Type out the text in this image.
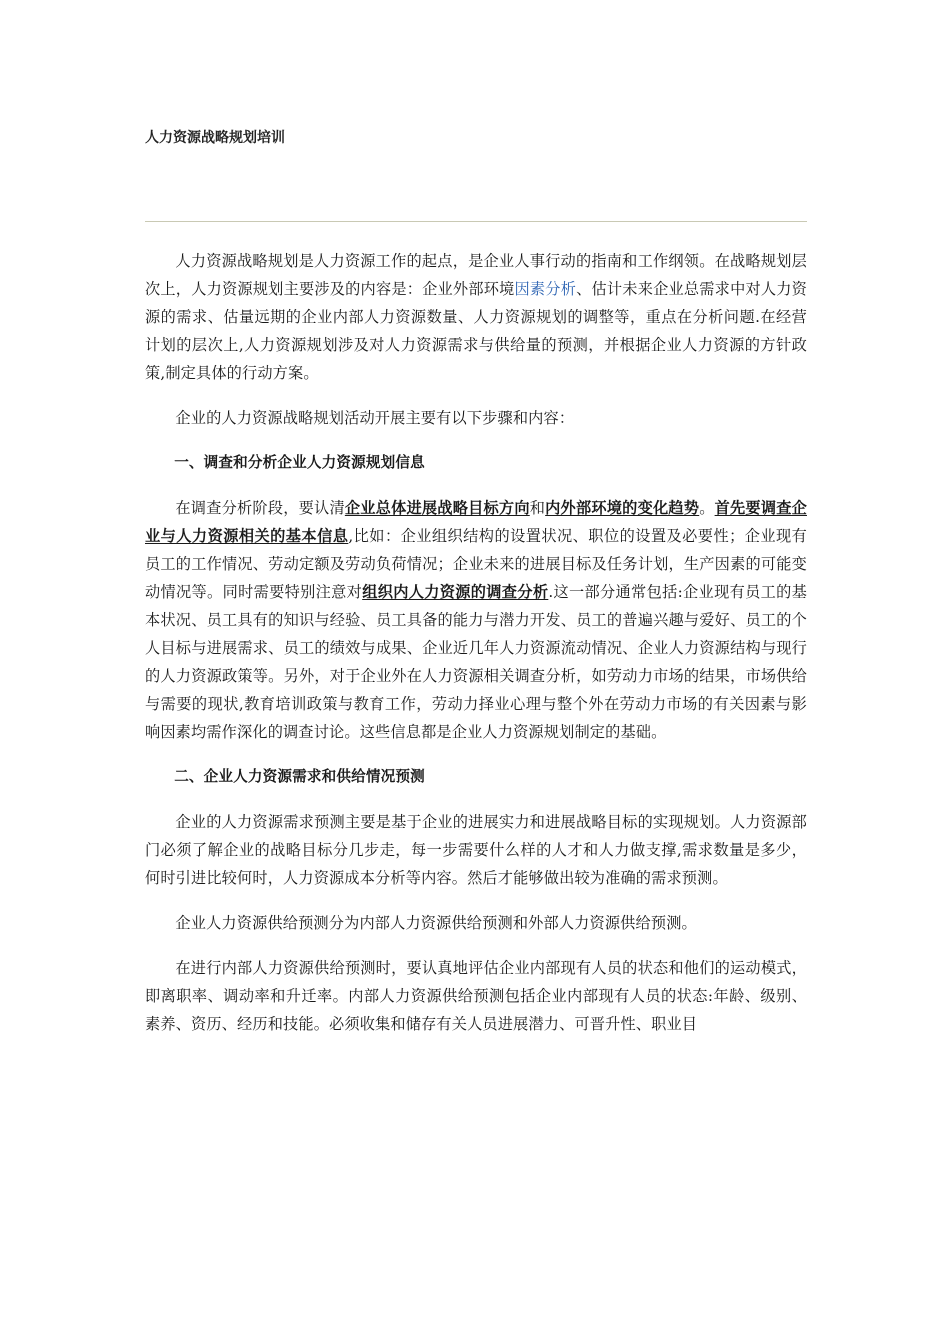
人力资源战略规划培训

人力资源战略规划是人力资源工作的起点，是企业人事行动的指南和工作纲领。在战略规划层次上，人力资源规划主要涉及的内容是：企业外部环境因素分析、估计未来企业总需求中对人力资源的需求、估量远期的企业内部人力资源数量、人力资源规划的调整等，重点在分析问题.在经营计划的层次上,人力资源规划涉及对人力资源需求与供给量的预测，并根据企业人力资源的方针政策,制定具体的行动方案。

企业的人力资源战略规划活动开展主要有以下步骤和内容：

一、调查和分析企业人力资源规划信息

在调查分析阶段，要认清企业总体进展战略目标方向和内外部环境的变化趋势。首先要调查企业与人力资源相关的基本信息,比如：企业组织结构的设置状况、职位的设置及必要性；企业现有员工的工作情况、劳动定额及劳动负荷情况；企业未来的进展目标及任务计划，生产因素的可能变动情况等。同时需要特别注意对组织内人力资源的调查分析.这一部分通常包括:企业现有员工的基本状况、员工具有的知识与经验、员工具备的能力与潜力开发、员工的普遍兴趣与爱好、员工的个人目标与进展需求、员工的绩效与成果、企业近几年人力资源流动情况、企业人力资源结构与现行的人力资源政策等。另外，对于企业外在人力资源相关调查分析，如劳动力市场的结果，市场供给与需要的现状,教育培训政策与教育工作，劳动力择业心理与整个外在劳动力市场的有关因素与影响因素均需作深化的调查讨论。这些信息都是企业人力资源规划制定的基础。

二、企业人力资源需求和供给情况预测

企业的人力资源需求预测主要是基于企业的进展实力和进展战略目标的实现规划。人力资源部门必须了解企业的战略目标分几步走，每一步需要什么样的人才和人力做支撑,需求数量是多少，何时引进比较何时，人力资源成本分析等内容。然后才能够做出较为准确的需求预测。

企业人力资源供给预测分为内部人力资源供给预测和外部人力资源供给预测。

在进行内部人力资源供给预测时，要认真地评估企业内部现有人员的状态和他们的运动模式，即离职率、调动率和升迁率。内部人力资源供给预测包括企业内部现有人员的状态:年龄、级别、素养、资历、经历和技能。必须收集和储存有关人员进展潜力、可晋升性、职业目
